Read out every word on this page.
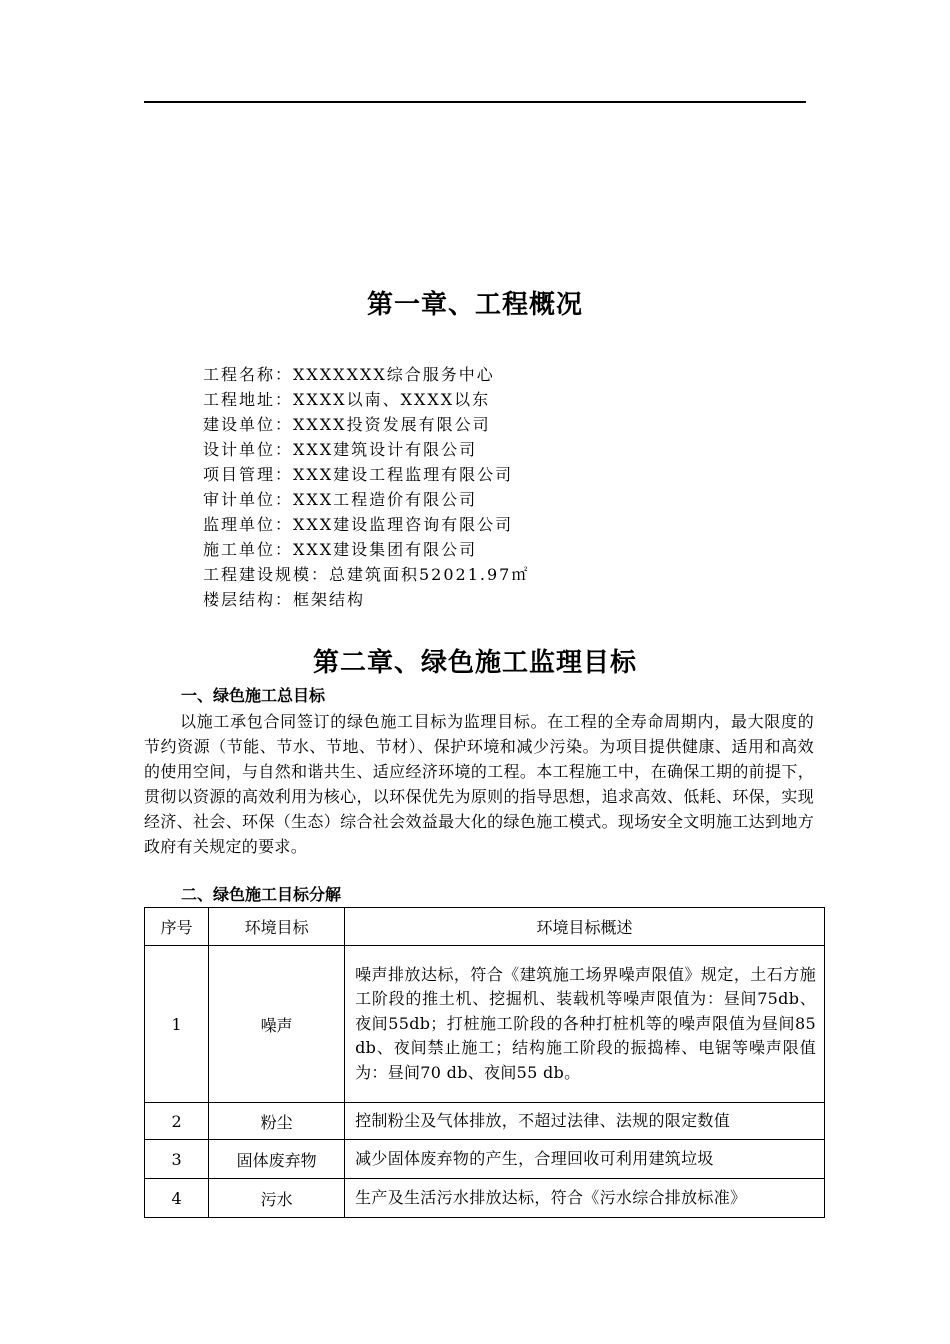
第一章、工程概况
工程名称：XXXXXXX综合服务中心
工程地址：XXXX以南、XXXX以东
建设单位：XXXX投资发展有限公司
设计单位：XXX建筑设计有限公司
项目管理：XXX建设工程监理有限公司
审计单位：XXX工程造价有限公司
监理单位：XXX建设监理咨询有限公司
施工单位：XXX建设集团有限公司
工程建设规模：总建筑面积52021.97㎡
楼层结构：框架结构
第二章、绿色施工监理目标
一、绿色施工总目标

以施工承包合同签订的绿色施工目标为监理目标。在工程的全寿命周期内，最大限度的节约资源（节能、节水、节地、节材）、保护环境和减少污染。为项目提供健康、适用和高效的使用空间，与自然和谐共生、适应经济环境的工程。本工程施工中，在确保工期的前提下，贯彻以资源的高效利用为核心，以环保优先为原则的指导思想，追求高效、低耗、环保，实现经济、社会、环保（生态）综合社会效益最大化的绿色施工模式。现场安全文明施工达到地方政府有关规定的要求。

二、绿色施工目标分解
序号	环境目标	环境目标概述
1	噪声	噪声排放达标，符合《建筑施工场界噪声限值》规定，土石方施工阶段的推土机、挖掘机、装载机等噪声限值为：昼间75db、夜间55db；打桩施工阶段的各种打桩机等的噪声限值为昼间85 db、夜间禁止施工；结构施工阶段的振捣棒、电锯等噪声限值为：昼间70 db、夜间55 db。
2	粉尘	控制粉尘及气体排放，不超过法律、法规的限定数值
3	固体废弃物	减少固体废弃物的产生，合理回收可利用建筑垃圾
4	污水	生产及生活污水排放达标，符合《污水综合排放标准》
